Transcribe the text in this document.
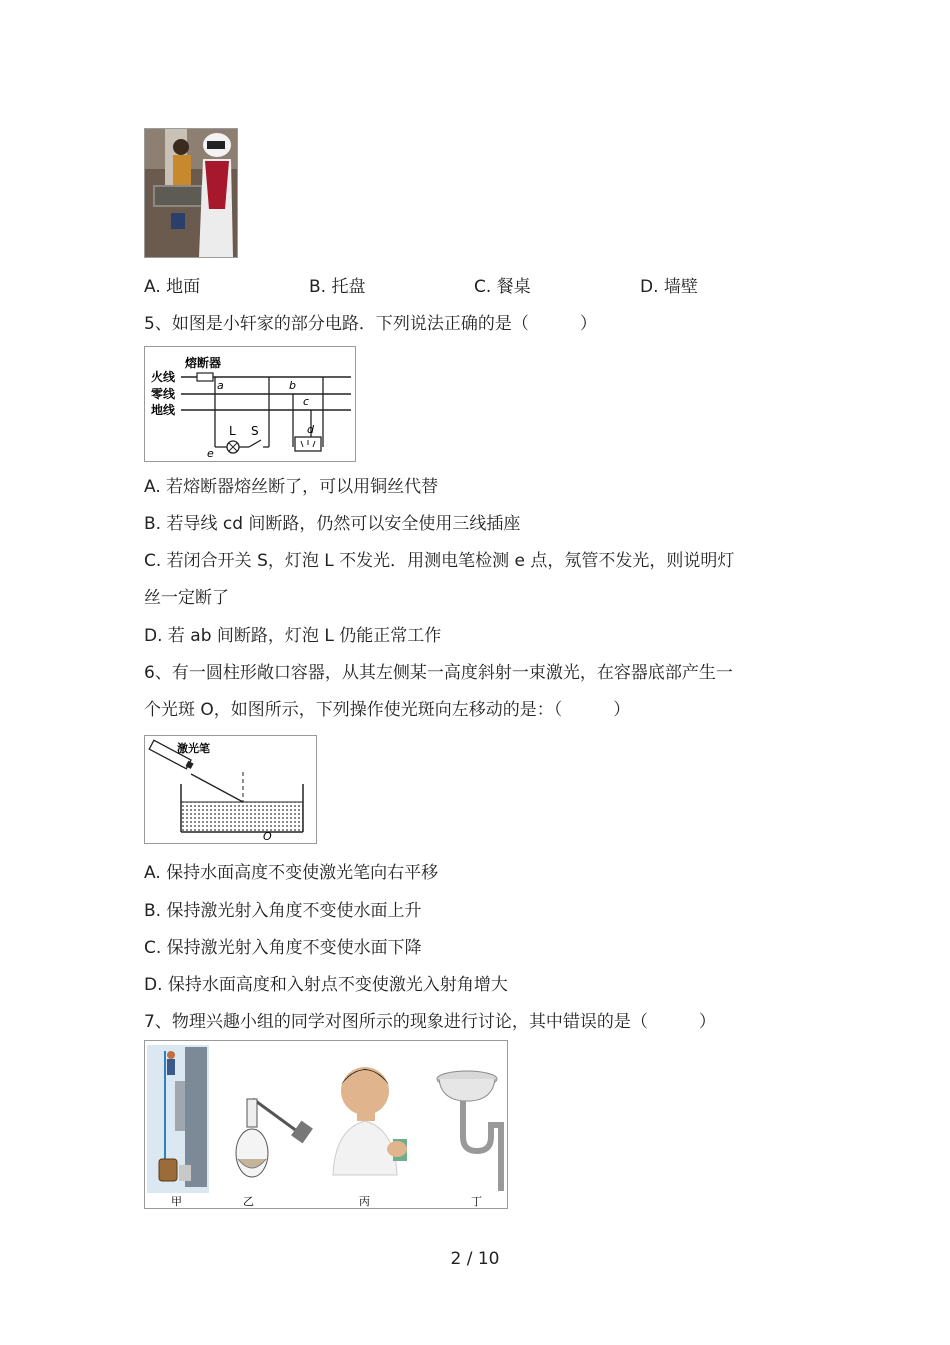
A. 地面	B. 托盘	C. 餐桌	D. 墙壁
5、如图是小轩家的部分电路．下列说法正确的是（　　　）
熔断器
火线
零线
地线
a
L S
e
b
c
d
A. 若熔断器熔丝断了，可以用铜丝代替
B. 若导线 cd 间断路，仍然可以安全使用三线插座
C. 若闭合开关 S，灯泡 L 不发光．用测电笔检测 e 点，氖管不发光，则说明灯
丝一定断了
D. 若 ab 间断路，灯泡 L 仍能正常工作
6、有一圆柱形敞口容器，从其左侧某一高度斜射一束激光，在容器底部产生一
个光斑 O，如图所示，下列操作使光斑向左移动的是：（　　　）
激光笔
O
A. 保持水面高度不变使激光笔向右平移
B. 保持激光射入角度不变使水面上升
C. 保持激光射入角度不变使水面下降
D. 保持水面高度和入射点不变使激光入射角增大
7、物理兴趣小组的同学对图所示的现象进行讨论，其中错误的是（　　　）
甲	乙	丙	丁
2 / 10
